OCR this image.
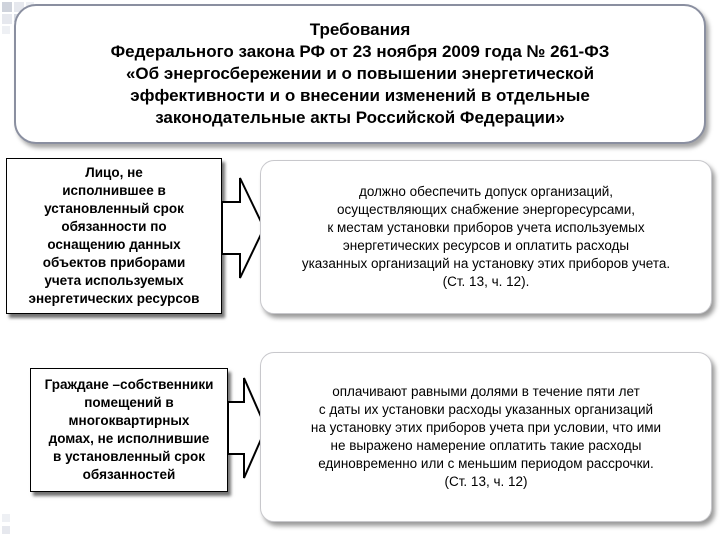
Требования
Федерального закона РФ от 23 ноября 2009 года № 261-ФЗ
«Об энергосбережении и о повышении энергетической
эффективности и о внесении изменений в отдельные
законодательные акты Российской Федерации»
Лицо, не
исполнившее в
установленный срок
обязанности по
оснащению данных
объектов приборами
учета используемых
энергетических ресурсов
должно обеспечить допуск организаций,
осуществляющих снабжение энергоресурсами,
к местам установки приборов учета используемых
энергетических ресурсов и оплатить расходы
указанных организаций на установку этих приборов учета.
(Ст. 13, ч. 12).
Граждане –собственники
помещений в
многоквартирных
домах, не исполнившие
в установленный срок
обязанностей
оплачивают равными долями в течение пяти лет
с даты их установки расходы указанных организаций
на установку этих приборов учета при условии, что ими
не выражено намерение оплатить такие расходы
единовременно или с меньшим периодом рассрочки.
(Ст. 13, ч. 12)
